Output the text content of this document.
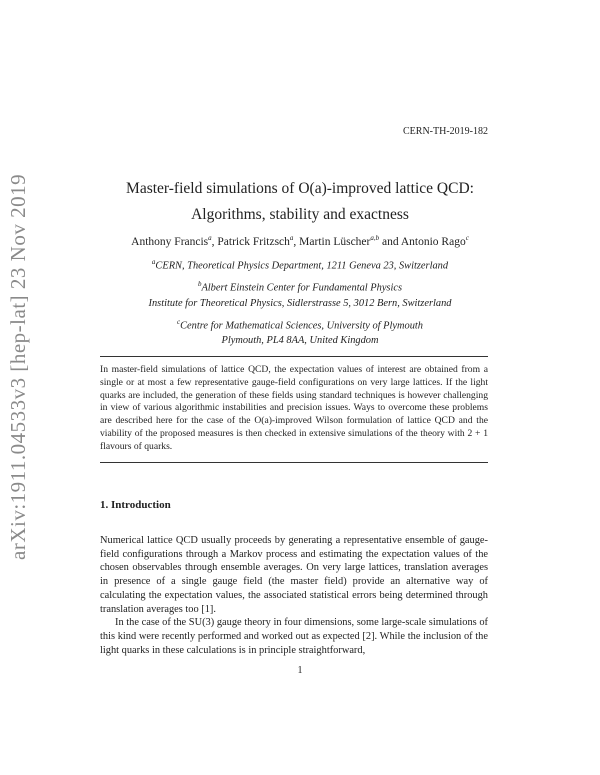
arXiv:1911.04533v3 [hep-lat] 23 Nov 2019
CERN-TH-2019-182
Master-field simulations of O(a)-improved lattice QCD:
Algorithms, stability and exactness
Anthony Francis$^a$, Patrick Fritzsch$^a$, Martin Lüscher$^{a,b}$ and Antonio Rago$^c$
$^a$CERN, Theoretical Physics Department, 1211 Geneva 23, Switzerland
$^b$Albert Einstein Center for Fundamental Physics
Institute for Theoretical Physics, Sidlerstrasse 5, 3012 Bern, Switzerland
$^c$Centre for Mathematical Sciences, University of Plymouth
Plymouth, PL4 8AA, United Kingdom

In master-field simulations of lattice QCD, the expectation values of interest are obtained from a single or at most a few representative gauge-field configurations on very large lattices. If the light quarks are included, the generation of these fields using standard techniques is however challenging in view of various algorithmic instabilities and precision issues. Ways to overcome these problems are described here for the case of the O(a)-improved Wilson formulation of lattice QCD and the viability of the proposed measures is then checked in extensive simulations of the theory with 2 + 1 flavours of quarks.

1. Introduction

Numerical lattice QCD usually proceeds by generating a representative ensemble of gauge-field configurations through a Markov process and estimating the expectation values of the chosen observables through ensemble averages. On very large lattices, translation averages in presence of a single gauge field (the master field) provide an alternative way of calculating the expectation values, the associated statistical errors being determined through translation averages too [1].

In the case of the SU(3) gauge theory in four dimensions, some large-scale simulations of this kind were recently performed and worked out as expected [2]. While the inclusion of the light quarks in these calculations is in principle straightforward,

1
